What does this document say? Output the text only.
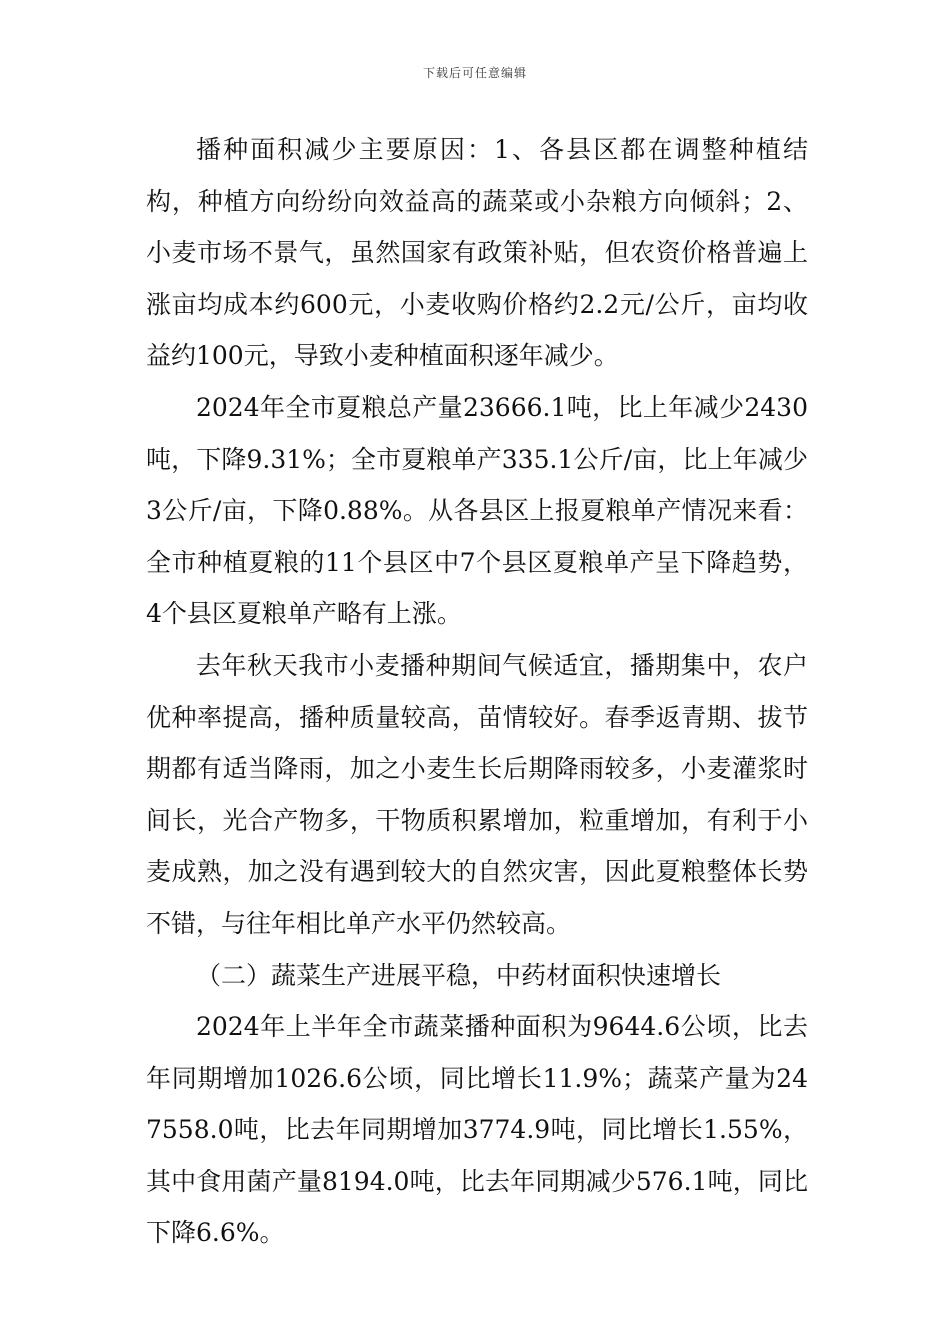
下载后可任意编辑

播种面积减少主要原因：1、各县区都在调整种植结构，种植方向纷纷向效益高的蔬菜或小杂粮方向倾斜；2、小麦市场不景气，虽然国家有政策补贴，但农资价格普遍上涨亩均成本约600元，小麦收购价格约2.2元/公斤，亩均收益约100元，导致小麦种植面积逐年减少。

2024年全市夏粮总产量23666.1吨，比上年减少2430吨，下降9.31%；全市夏粮单产335.1公斤/亩，比上年减少3公斤/亩，下降0.88%。从各县区上报夏粮单产情况来看：全市种植夏粮的11个县区中7个县区夏粮单产呈下降趋势，4个县区夏粮单产略有上涨。

去年秋天我市小麦播种期间气候适宜，播期集中，农户优种率提高，播种质量较高，苗情较好。春季返青期、拔节期都有适当降雨，加之小麦生长后期降雨较多，小麦灌浆时间长，光合产物多，干物质积累增加，粒重增加，有利于小麦成熟，加之没有遇到较大的自然灾害，因此夏粮整体长势不错，与往年相比单产水平仍然较高。

（二）蔬菜生产进展平稳，中药材面积快速增长

2024年上半年全市蔬菜播种面积为9644.6公顷，比去年同期增加1026.6公顷，同比增长11.9%；蔬菜产量为247558.0吨，比去年同期增加3774.9吨，同比增长1.55%，其中食用菌产量8194.0吨，比去年同期减少576.1吨，同比下降6.6%。
